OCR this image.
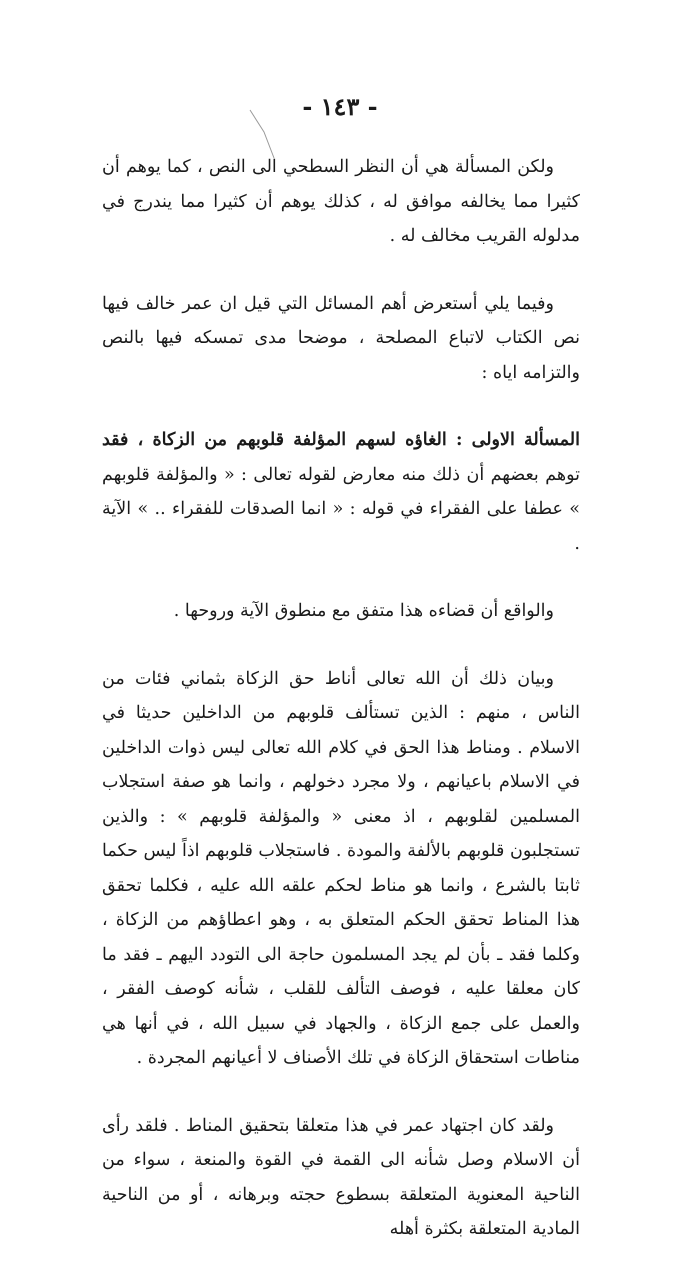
- ١٤٣ -

ولكن المسألة هي أن النظر السطحي الى النص ، كما يوهم أن كثيرا مما يخالفه موافق له ، كذلك يوهم أن كثيرا مما يندرج في مدلوله القريب مخالف له .

وفيما يلي أستعرض أهم المسائل التي قيل ان عمر خالف فيها نص الكتاب لاتباع المصلحة ، موضحا مدى تمسكه فيها بالنص والتزامه اياه :

المسألة الاولى : الغاؤه لسهم المؤلفة قلوبهم من الزكاة ، فقد توهم بعضهم أن ذلك منه معارض لقوله تعالى : « والمؤلفة قلوبهم » عطفا على الفقراء في قوله : « انما الصدقات للفقراء .. » الآية .

والواقع أن قضاءه هذا متفق مع منطوق الآية وروحها .

وبيان ذلك أن الله تعالى أناط حق الزكاة بثماني فئات من الناس ، منهم : الذين تستألف قلوبهم من الداخلين حديثا في الاسلام . ومناط هذا الحق في كلام الله تعالى ليس ذوات الداخلين في الاسلام باعيانهم ، ولا مجرد دخولهم ، وانما هو صفة استجلاب المسلمين لقلوبهم ، اذ معنى « والمؤلفة قلوبهم » : والذين تستجلبون قلوبهم بالألفة والمودة . فاستجلاب قلوبهم اذاً ليس حكما ثابتا بالشرع ، وانما هو مناط لحكم علقه الله عليه ، فكلما تحقق هذا المناط تحقق الحكم المتعلق به ، وهو اعطاؤهم من الزكاة ، وكلما فقد ـ بأن لم يجد المسلمون حاجة الى التودد اليهم ـ فقد ما كان معلقا عليه ، فوصف التألف للقلب ، شأنه كوصف الفقر ، والعمل على جمع الزكاة ، والجهاد في سبيل الله ، في أنها هي مناطات استحقاق الزكاة في تلك الأصناف لا أعيانهم المجردة .

ولقد كان اجتهاد عمر في هذا متعلقا بتحقيق المناط . فلقد رأى أن الاسلام وصل شأنه الى القمة في القوة والمنعة ، سواء من الناحية المعنوية المتعلقة بسطوع حجته وبرهانه ، أو من الناحية المادية المتعلقة بكثرة أهله
